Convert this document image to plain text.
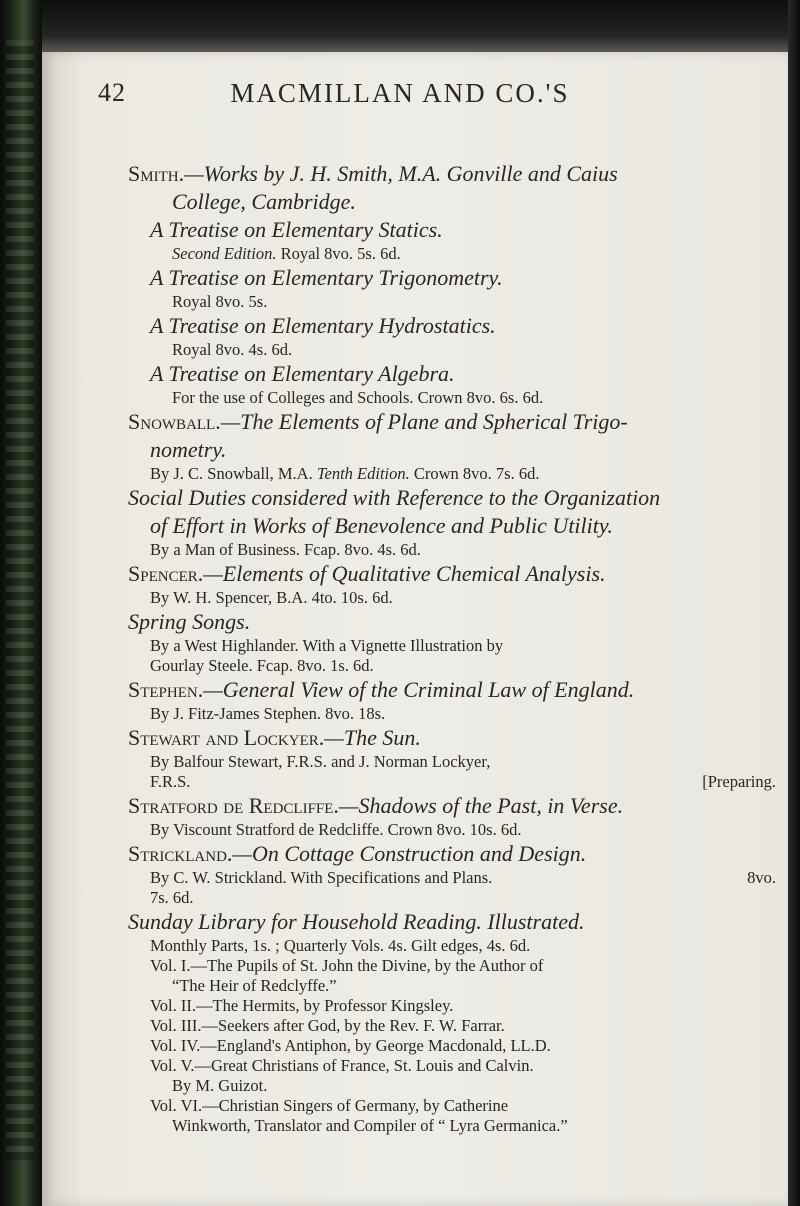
MACMILLAN AND CO.'S
42

Smith.—Works by J. H. Smith, M.A. Gonville and Caius
College, Cambridge.

A Treatise on Elementary Statics.

Second Edition. Royal 8vo. 5s. 6d.

A Treatise on Elementary Trigonometry.

Royal 8vo. 5s.

A Treatise on Elementary Hydrostatics.

Royal 8vo. 4s. 6d.

A Treatise on Elementary Algebra.

For the use of Colleges and Schools. Crown 8vo. 6s. 6d.

Snowball.—The Elements of Plane and Spherical Trigo-
nometry.

By J. C. Snowball, M.A. Tenth Edition. Crown 8vo. 7s. 6d.

Social Duties considered with Reference to the Organization
of Effort in Works of Benevolence and Public Utility.

By a Man of Business. Fcap. 8vo. 4s. 6d.

Spencer.—Elements of Qualitative Chemical Analysis.

By W. H. Spencer, B.A. 4to. 10s. 6d.

Spring Songs.

By a West Highlander. With a Vignette Illustration by

Gourlay Steele. Fcap. 8vo. 1s. 6d.

Stephen.—General View of the Criminal Law of England.

By J. Fitz-James Stephen. 8vo. 18s.

Stewart and Lockyer.—The Sun.

By Balfour Stewart, F.R.S. and J. Norman Lockyer,

F.R.S.	[Preparing.

Stratford de Redcliffe.—Shadows of the Past, in Verse.

By Viscount Stratford de Redcliffe. Crown 8vo. 10s. 6d.

Strickland.—On Cottage Construction and Design.

By C. W. Strickland. With Specifications and Plans.	8vo.

7s. 6d.

Sunday Library for Household Reading. Illustrated.

Monthly Parts, 1s. ; Quarterly Vols. 4s. Gilt edges, 4s. 6d.

Vol. I.—The Pupils of St. John the Divine, by the Author of

“The Heir of Redclyffe.”

Vol. II.—The Hermits, by Professor Kingsley.

Vol. III.—Seekers after God, by the Rev. F. W. Farrar.

Vol. IV.—England's Antiphon, by George Macdonald, LL.D.

Vol. V.—Great Christians of France, St. Louis and Calvin.

By M. Guizot.

Vol. VI.—Christian Singers of Germany, by Catherine

Winkworth, Translator and Compiler of “ Lyra Germanica.”
